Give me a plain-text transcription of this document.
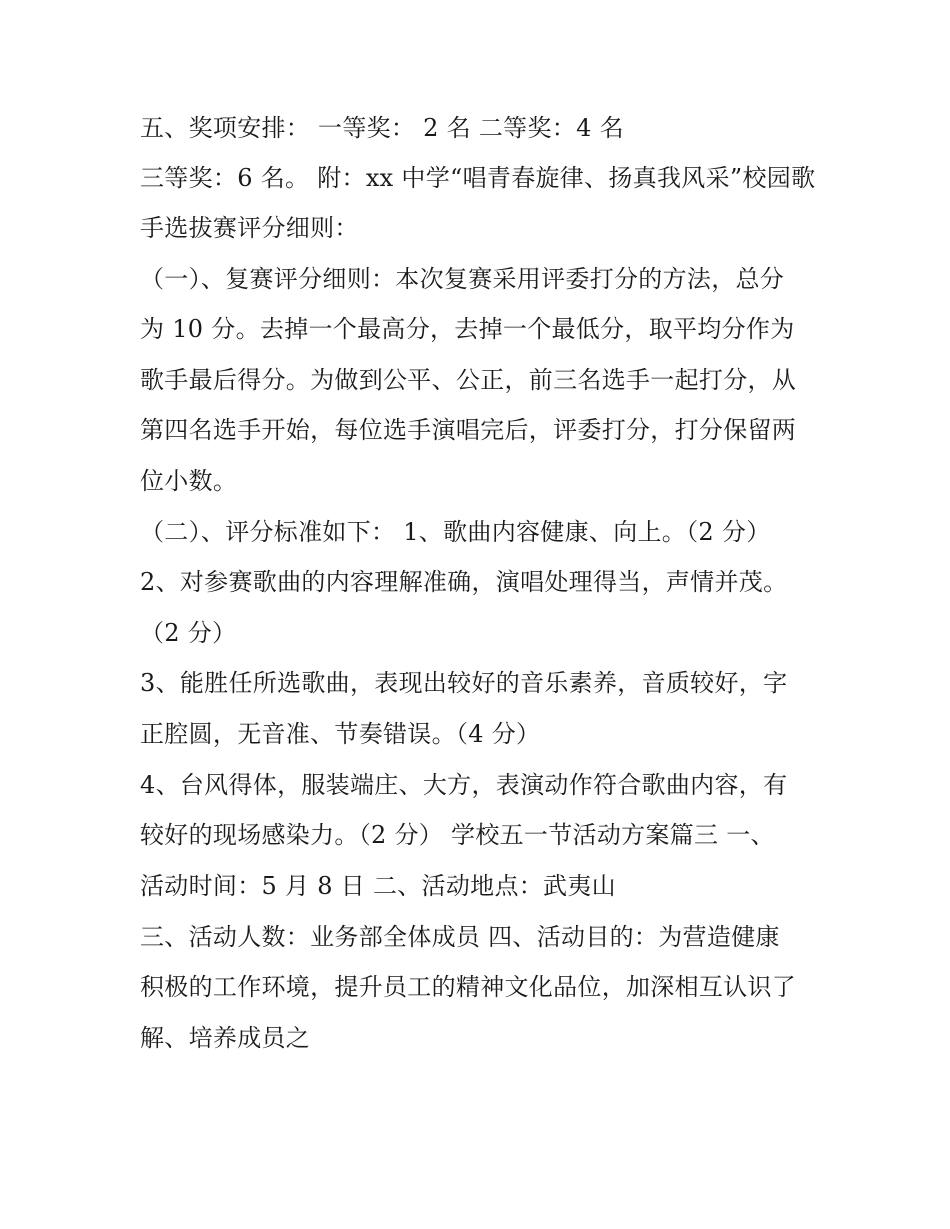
五、奖项安排： 一等奖： 2 名 二等奖：4 名
三等奖：6 名。 附：xx 中学“唱青春旋律、扬真我风采”校园歌
手选拔赛评分细则：
（一）、复赛评分细则：本次复赛采用评委打分的方法，总分
为 10 分。去掉一个最高分，去掉一个最低分，取平均分作为
歌手最后得分。为做到公平、公正，前三名选手一起打分，从
第四名选手开始，每位选手演唱完后，评委打分，打分保留两
位小数。
（二）、评分标准如下： 1、歌曲内容健康、向上。（2 分）
2、对参赛歌曲的内容理解准确，演唱处理得当，声情并茂。
（2 分）
3、能胜任所选歌曲，表现出较好的音乐素养，音质较好，字
正腔圆，无音准、节奏错误。（4 分）
4、台风得体，服装端庄、大方，表演动作符合歌曲内容，有
较好的现场感染力。（2 分） 学校五一节活动方案篇三 一、
活动时间：5 月 8 日 二、活动地点：武夷山
三、活动人数：业务部全体成员 四、活动目的：为营造健康
积极的工作环境，提升员工的精神文化品位，加深相互认识了
解、培养成员之
